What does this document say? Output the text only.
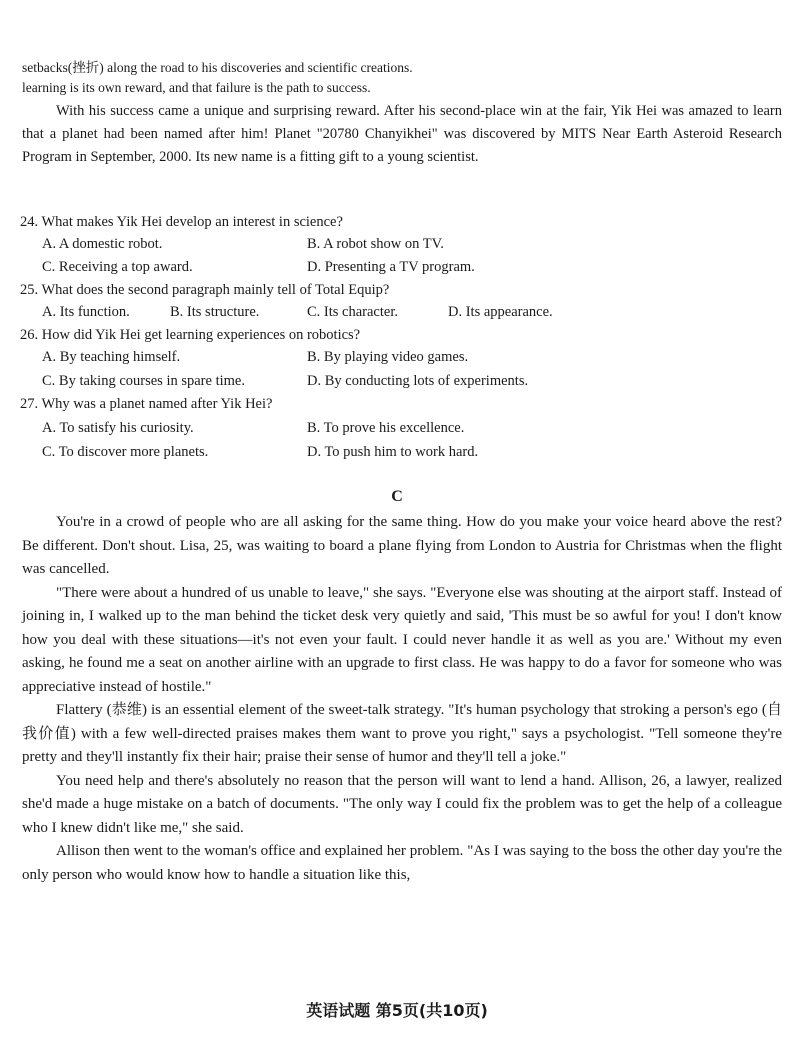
setbacks(挫折) along the road to his discoveries and scientific creations.

learning is its own reward, and that failure is the path to success.

With his success came a unique and surprising reward. After his second-place win at the fair, Yik Hei was amazed to learn that a planet had been named after him! Planet "20780 Chanyikhei" was discovered by MITS Near Earth Asteroid Research Program in September, 2000. Its new name is a fitting gift to a young scientist.

24. What makes Yik Hei develop an interest in science?
A. A domestic robot.	B. A robot show on TV.
C. Receiving a top award.	D. Presenting a TV program.
25. What does the second paragraph mainly tell of Total Equip?
A. Its function.	B. Its structure.	C. Its character.	D. Its appearance.
26. How did Yik Hei get learning experiences on robotics?
A. By teaching himself.	B. By playing video games.
C. By taking courses in spare time.	D. By conducting lots of experiments.
27. Why was a planet named after Yik Hei?
A. To satisfy his curiosity.	B. To prove his excellence.
C. To discover more planets.	D. To push him to work hard.
C

You're in a crowd of people who are all asking for the same thing. How do you make your voice heard above the rest? Be different. Don't shout. Lisa, 25, was waiting to board a plane flying from London to Austria for Christmas when the flight was cancelled.

"There were about a hundred of us unable to leave," she says. "Everyone else was shouting at the airport staff. Instead of joining in, I walked up to the man behind the ticket desk very quietly and said, 'This must be so awful for you! I don't know how you deal with these situations—it's not even your fault. I could never handle it as well as you are.' Without my even asking, he found me a seat on another airline with an upgrade to first class. He was happy to do a favor for someone who was appreciative instead of hostile."

Flattery (恭维) is an essential element of the sweet-talk strategy. "It's human psychology that stroking a person's ego (自我价值) with a few well-directed praises makes them want to prove you right," says a psychologist. "Tell someone they're pretty and they'll instantly fix their hair; praise their sense of humor and they'll tell a joke."

You need help and there's absolutely no reason that the person will want to lend a hand. Allison, 26, a lawyer, realized she'd made a huge mistake on a batch of documents. "The only way I could fix the problem was to get the help of a colleague who I knew didn't like me," she said.

Allison then went to the woman's office and explained her problem. "As I was saying to the boss the other day you're the only person who would know how to handle a situation like this,

英语试题 第5页(共10页)
